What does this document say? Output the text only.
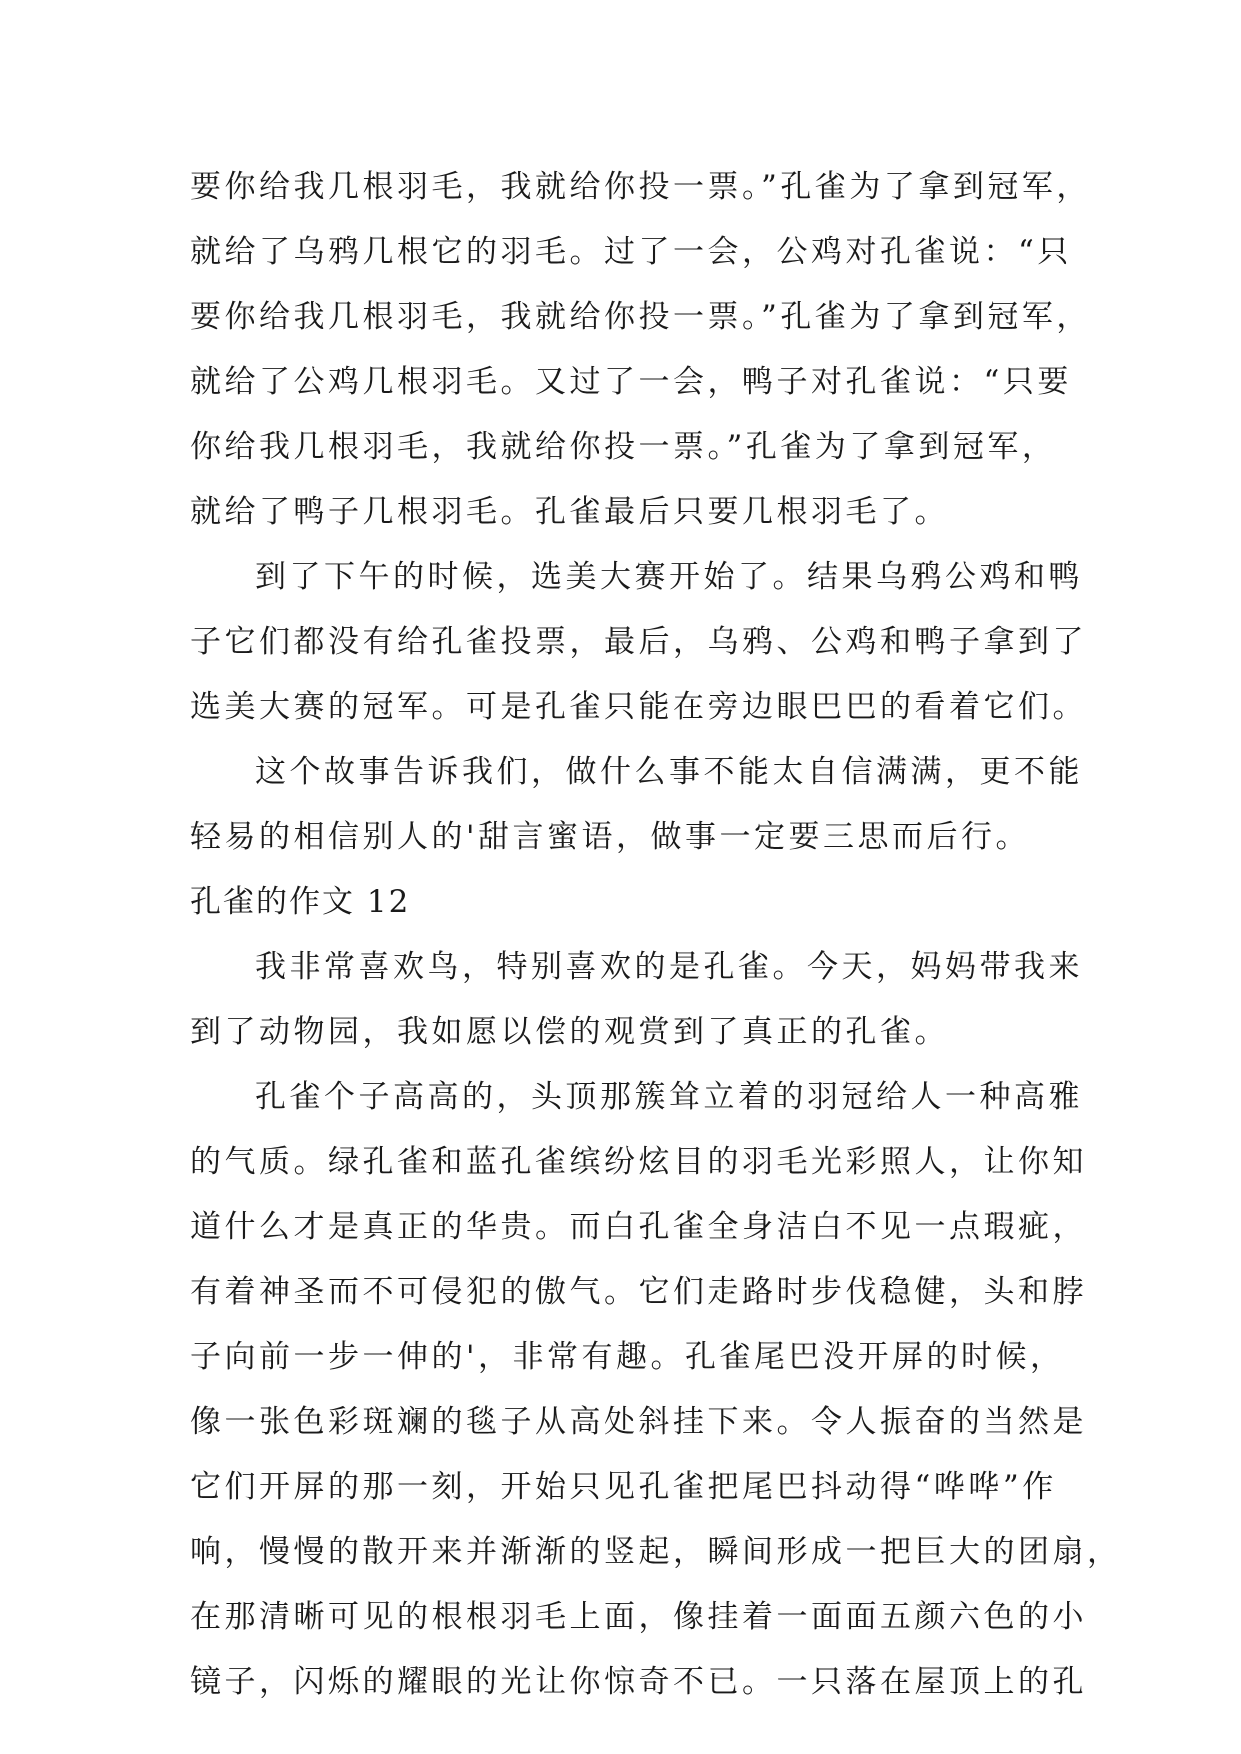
要你给我几根羽毛，我就给你投一票。”孔雀为了拿到冠军，
就给了乌鸦几根它的羽毛。过了一会，公鸡对孔雀说：“只
要你给我几根羽毛，我就给你投一票。”孔雀为了拿到冠军，
就给了公鸡几根羽毛。又过了一会，鸭子对孔雀说：“只要
你给我几根羽毛，我就给你投一票。”孔雀为了拿到冠军，
就给了鸭子几根羽毛。孔雀最后只要几根羽毛了。
到了下午的时候，选美大赛开始了。结果乌鸦公鸡和鸭
子它们都没有给孔雀投票，最后，乌鸦、公鸡和鸭子拿到了
选美大赛的冠军。可是孔雀只能在旁边眼巴巴的看着它们。
这个故事告诉我们，做什么事不能太自信满满，更不能
轻易的相信别人的'甜言蜜语，做事一定要三思而后行。
孔雀的作文 12
我非常喜欢鸟，特别喜欢的是孔雀。今天，妈妈带我来
到了动物园，我如愿以偿的观赏到了真正的孔雀。
孔雀个子高高的，头顶那簇耸立着的羽冠给人一种高雅
的气质。绿孔雀和蓝孔雀缤纷炫目的羽毛光彩照人，让你知
道什么才是真正的华贵。而白孔雀全身洁白不见一点瑕疵，
有着神圣而不可侵犯的傲气。它们走路时步伐稳健，头和脖
子向前一步一伸的'，非常有趣。孔雀尾巴没开屏的时候，
像一张色彩斑斓的毯子从高处斜挂下来。令人振奋的当然是
它们开屏的那一刻，开始只见孔雀把尾巴抖动得“哗哗”作
响，慢慢的散开来并渐渐的竖起，瞬间形成一把巨大的团扇，
在那清晰可见的根根羽毛上面，像挂着一面面五颜六色的小
镜子，闪烁的耀眼的光让你惊奇不已。一只落在屋顶上的孔
